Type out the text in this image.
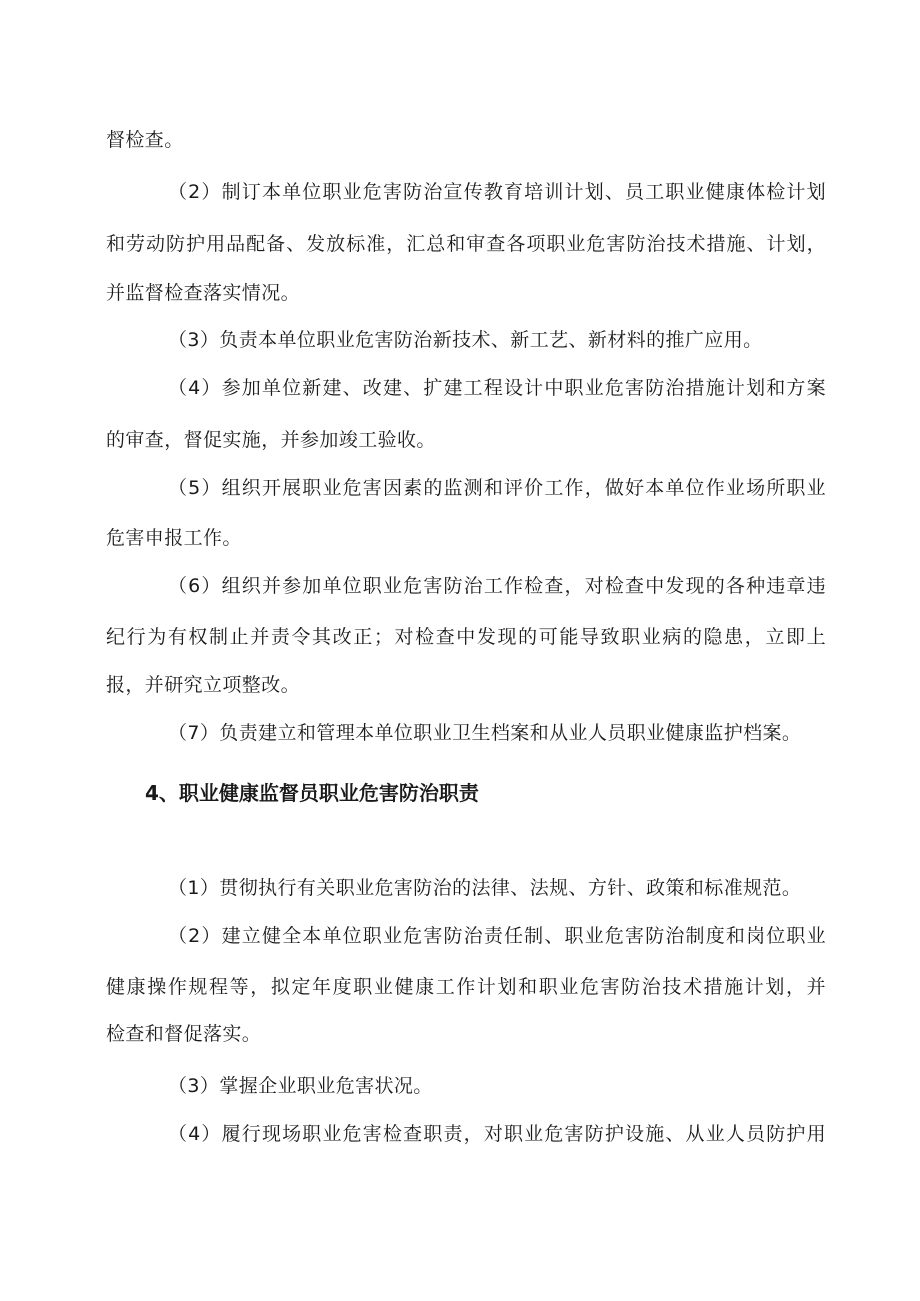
督检查。
（2）制订本单位职业危害防治宣传教育培训计划、员工职业健康体检计划
和劳动防护用品配备、发放标准，汇总和审查各项职业危害防治技术措施、计划，
并监督检查落实情况。
（3）负责本单位职业危害防治新技术、新工艺、新材料的推广应用。
（4）参加单位新建、改建、扩建工程设计中职业危害防治措施计划和方案
的审查，督促实施，并参加竣工验收。
（5）组织开展职业危害因素的监测和评价工作，做好本单位作业场所职业
危害申报工作。
（6）组织并参加单位职业危害防治工作检查，对检查中发现的各种违章违
纪行为有权制止并责令其改正；对检查中发现的可能导致职业病的隐患，立即上
报，并研究立项整改。
（7）负责建立和管理本单位职业卫生档案和从业人员职业健康监护档案。
4、职业健康监督员职业危害防治职责
（1）贯彻执行有关职业危害防治的法律、法规、方针、政策和标准规范。
（2）建立健全本单位职业危害防治责任制、职业危害防治制度和岗位职业
健康操作规程等，拟定年度职业健康工作计划和职业危害防治技术措施计划，并
检查和督促落实。
（3）掌握企业职业危害状况。
（4）履行现场职业危害检查职责，对职业危害防护设施、从业人员防护用
